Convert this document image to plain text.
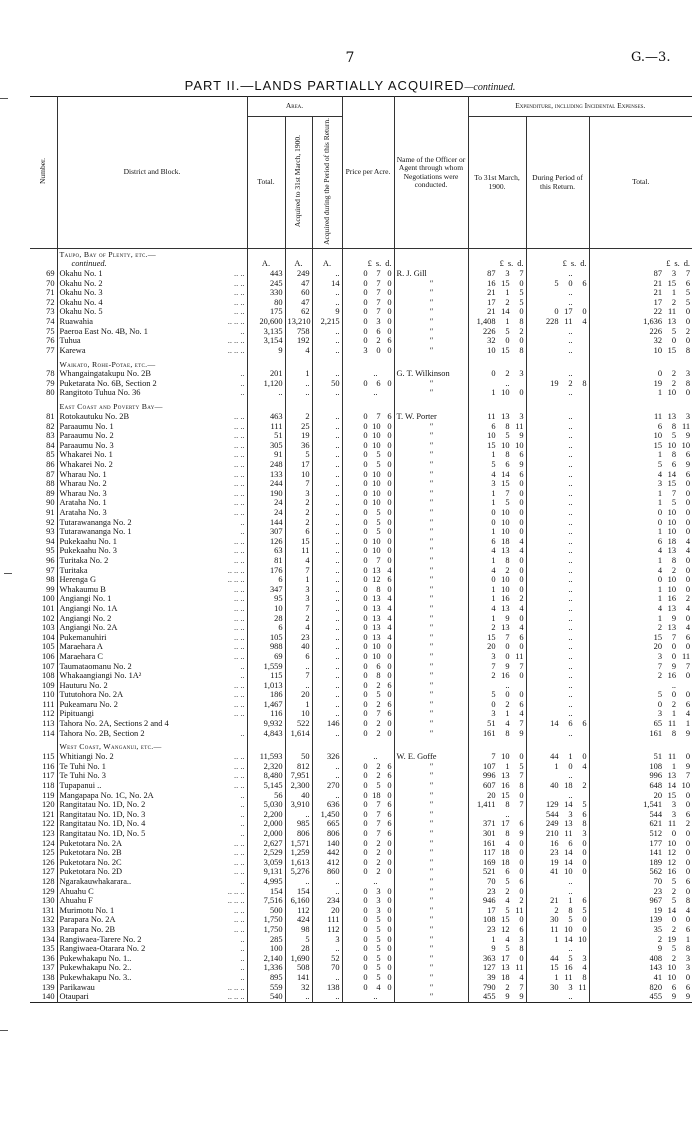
7	G.—3.
PART II.—LANDS PARTIALLY ACQUIRED—continued.
Number.	District and Block.	Area.			Price per Acre.	Name of the Officer or Agent through whom Negotiations were conducted.	Expenditure, including Incidental Expenses.		
		Total.	Acquired to 31st March, 1900.	Acquired during the Period of this Return.			To 31st March, 1900.	During Period of this Return.	Total.
	Taupo, Bay of Plenty, etc.—								
	continued.	A.	A.	A.	£ s. d.		£ s. d.	£ s. d.	£ s. d.
69	Okahu No. 1 .. ..	443	249	..	0 7 0	R. J. Gill	87 3 7	..	87 3 7

70	Okahu No. 2 .. ..	245	47	14	0 7 0	"	16 15 0	5 0 6	21 15 6

71	Okahu No. 3 .. ..	330	60	..	0 7 0	"	21 1 5	..	21 1 5

72	Okahu No. 4 .. ..	80	47	..	0 7 0	"	17 2 5	..	17 2 5

73	Okahu No. 5 .. ..	175	62	9	0 7 0	"	21 14 0	0 17 0	22 11 0

74	Ruawahia .. .. ..	20,600	13,210	2,215	0 3 0	"	1,408 1 8	228 11 4	1,636 13 0

75	Paeroa East No. 4B, No. 1 ..	3,135	758	..	0 6 0	"	226 5 2	..	226 5 2

76	Tuhua .. .. ..	3,154	192	..	0 2 6	"	32 0 0	..	32 0 0

77	Karewa .. .. ..	9	4	..	3 0 0	"	10 15 8	..	10 15 8

	Waikato, Rohe-Potae, etc.—								
78	Whangaingatakupu No. 2B ..	201	1	..	..	G. T. Wilkinson	0 2 3	..	0 2 3

79	Puketarata No. 6B, Section 2 ..	1,120	..	50	0 6 0	"	..	19 2 8	19 2 8

80	Rangitoto Tuhua No. 36 ..	..	..	..	..	"	1 10 0	..	1 10 0

	East Coast and Poverty Bay—								
81	Rotokautuku No. 2B .. ..	463	2	..	0 7 6	T. W. Porter	11 13 3	..	11 13 3

82	Paraaumu No. 1 .. ..	111	25	..	0 10 0	"	6 8 11	..	6 8 11

83	Paraaumu No. 2 .. ..	51	19	..	0 10 0	"	10 5 9	..	10 5 9

84	Paraaumu No. 3 .. ..	305	36	..	0 10 0	"	15 10 10	..	15 10 10

85	Whakarei No. 1 .. ..	91	5	..	0 5 0	"	1 8 6	..	1 8 6

86	Whakarei No. 2 .. ..	248	17	..	0 5 0	"	5 6 9	..	5 6 9

87	Wharau No. 1 .. ..	133	10	..	0 10 0	"	4 14 6	..	4 14 6

88	Wharau No. 2 .. ..	244	7	..	0 10 0	"	3 15 0	..	3 15 0

89	Wharau No. 3 .. ..	190	3	..	0 10 0	"	1 7 0	..	1 7 0

90	Arataha No. 1 .. ..	24	2	..	0 10 0	"	1 5 0	..	1 5 0

91	Arataha No. 3 .. ..	24	2	..	0 5 0	"	0 10 0	..	0 10 0

92	Tutarawananga No. 2 ..	144	2	..	0 5 0	"	0 10 0	..	0 10 0

93	Tutarawananga No. 1 ..	307	6	..	0 5 0	"	1 10 0	..	1 10 0

94	Pukekaahu No. 1 .. ..	126	15	..	0 10 0	"	6 18 4	..	6 18 4

95	Pukekaahu No. 3 .. ..	63	11	..	0 10 0	"	4 13 4	..	4 13 4

96	Turitaka No. 2 .. ..	81	4	..	0 7 0	"	1 8 0	..	1 8 0

97	Turitaka .. .. ..	176	7	..	0 13 4	"	4 2 0	..	4 2 0

98	Herenga G .. .. ..	6	1	..	0 12 6	"	0 10 0	..	0 10 0

99	Whakaumu B .. ..	347	3	..	0 8 0	"	1 10 0	..	1 10 0

100	Angiangi No. 1 .. ..	95	3	..	0 13 4	"	1 16 2	..	1 16 2

101	Angiangi No. 1A .. ..	10	7	..	0 13 4	"	4 13 4	..	4 13 4

102	Angiangi No. 2 .. ..	28	2	..	0 13 4	"	1 9 0	..	1 9 0

103	Angiangi No. 2A .. ..	6	4	..	0 13 4	"	2 13 4	..	2 13 4

104	Pukemanuhiri .. ..	105	23	..	0 13 4	"	15 7 6	..	15 7 6

105	Maraehara A .. ..	988	40	..	0 10 0	"	20 0 0	..	20 0 0

106	Maraehara C .. ..	69	6	..	0 10 0	"	3 0 11	..	3 0 11

107	Taumataomanu No. 2 ..	1,559	..	..	0 6 0	"	7 9 7	..	7 9 7

108	Whakaangiangi No. 1A² ..	115	7	..	0 8 0	"	2 16 0	..	2 16 0

109	Hauturu No. 2 .. ..	1,013	..	..	0 2 6	"	..	..	..
110	Tututohora No. 2A .. ..	186	20	..	0 5 0	"	5 0 0	..	5 0 0

111	Pukeamaru No. 2 .. ..	1,467	1	..	0 2 6	"	0 2 6	..	0 2 6

112	Pipituangi .. ..	116	10	..	0 7 6	"	3 1 4	..	3 1 4

113	Tahora No. 2A, Sections 2 and 4	9,932	522	146	0 2 0	"	51 4 7	14 6 6	65 11 1

114	Tahora No. 2B, Section 2 ..	4,843	1,614	..	0 2 0	"	161 8 9	..	161 8 9

	West Coast, Wanganui, etc.—								
115	Whitiangi No. 2 .. ..	11,593	50	326	..	W. E. Goffe	7 10 0	44 1 0	51 11 0

116	Te Tuhi No. 1 .. ..	2,320	812	..	0 2 6	"	107 1 5	1 0 4	108 1 9

117	Te Tuhi No. 3 .. ..	8,480	7,951	..	0 2 6	"	996 13 7	..	996 13 7

118	Tupapanui .. .. ..	5,145	2,300	270	0 5 0	"	607 16 8	40 18 2	648 14 10

119	Mangapapa No. 1C, No. 2A ..	56	40	..	0 18 0	"	20 15 0	..	20 15 0

120	Rangitatau No. 1D, No. 2 ..	5,030	3,910	636	0 7 6	"	1,411 8 7	129 14 5	1,541 3 0

121	Rangitatau No. 1D, No. 3 ..	2,200	..	1,450	0 7 6	"	..	544 3 6	544 3 6

122	Rangitatau No. 1D, No. 4 ..	2,000	985	665	0 7 6	"	371 17 6	249 13 8	621 11 2

123	Rangitatau No. 1D, No. 5 ..	2,000	806	806	0 7 6	"	301 8 9	210 11 3	512 0 0

124	Puketotara No. 2A .. ..	2,627	1,571	140	0 2 0	"	161 4 0	16 6 0	177 10 0

125	Puketotara No. 2B .. ..	2,529	1,259	442	0 2 0	"	117 18 0	23 14 0	141 12 0

126	Puketotara No. 2C .. ..	3,059	1,613	412	0 2 0	"	169 18 0	19 14 0	189 12 0

127	Puketotara No. 2D .. ..	9,131	5,276	860	0 2 0	"	521 6 0	41 10 0	562 16 0

128	Ngarakauwhakarara.. ..	4,995	..	..	..	"	70 5 6	..	70 5 6

129	Ahuahu C .. .. ..	154	154	..	0 3 0	"	23 2 0	..	23 2 0

130	Ahuahu F .. .. ..	7,516	6,160	234	0 3 0	"	946 4 2	21 1 6	967 5 8

131	Murimotu No. 1 .. ..	500	112	20	0 3 0	"	17 5 11	2 8 5	19 14 4

132	Parapara No. 2A .. ..	1,750	424	111	0 5 0	"	108 15 0	30 5 0	139 0 0

133	Parapara No. 2B .. ..	1,750	98	112	0 5 0	"	23 12 6	11 10 0	35 2 6

134	Rangiwaea-Tarere No. 2 ..	285	5	3	0 5 0	"	1 4 3	1 14 10	2 19 1

135	Rangiwaea-Otarara No. 2 ..	100	28	..	0 5 0	"	9 5 8	..	9 5 8

136	Pukewhakapu No. 1.. ..	2,140	1,690	52	0 5 0	"	363 17 0	44 5 3	408 2 3

137	Pukewhakapu No. 2.. ..	1,336	508	70	0 5 0	"	127 13 11	15 16 4	143 10 3

138	Pukewhakapu No. 3.. ..	895	141	..	0 5 0	"	39 18 4	1 11 8	41 10 0

139	Parikawau .. .. ..	559	32	138	0 4 0	"	790 2 7	30 3 11	820 6 6

140	Otaupari .. .. ..	540	..	..	..	"	455 9 9	..	455 9 9
